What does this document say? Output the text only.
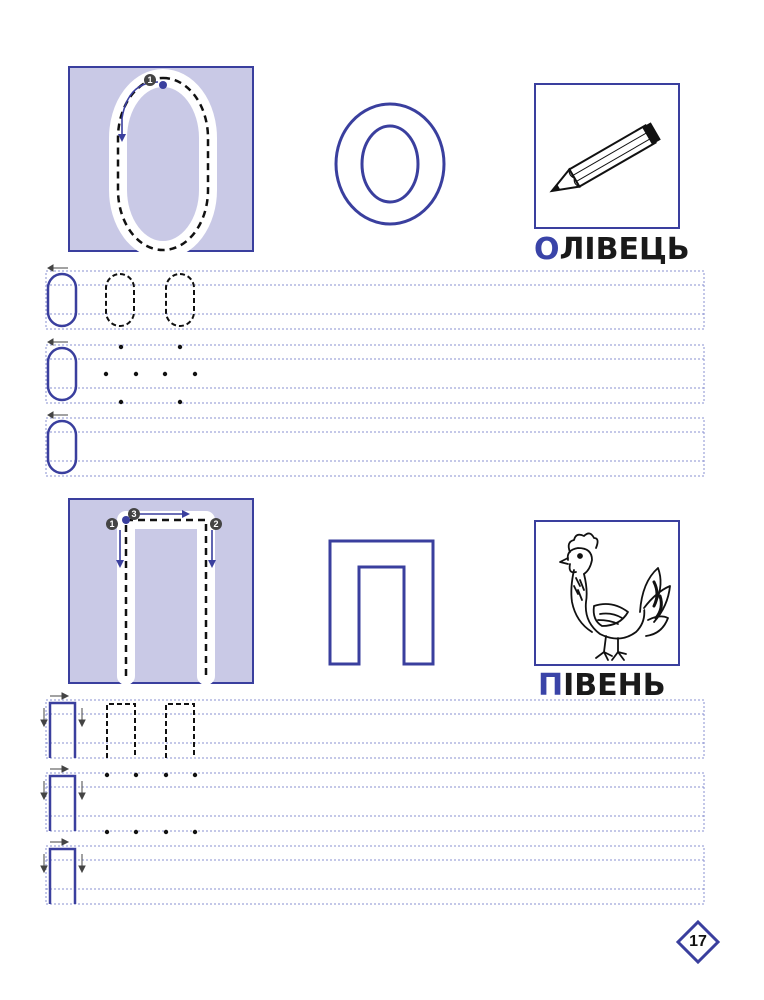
1
ОЛІВЕЦЬ
1	2
3
ПІВЕНЬ
17
